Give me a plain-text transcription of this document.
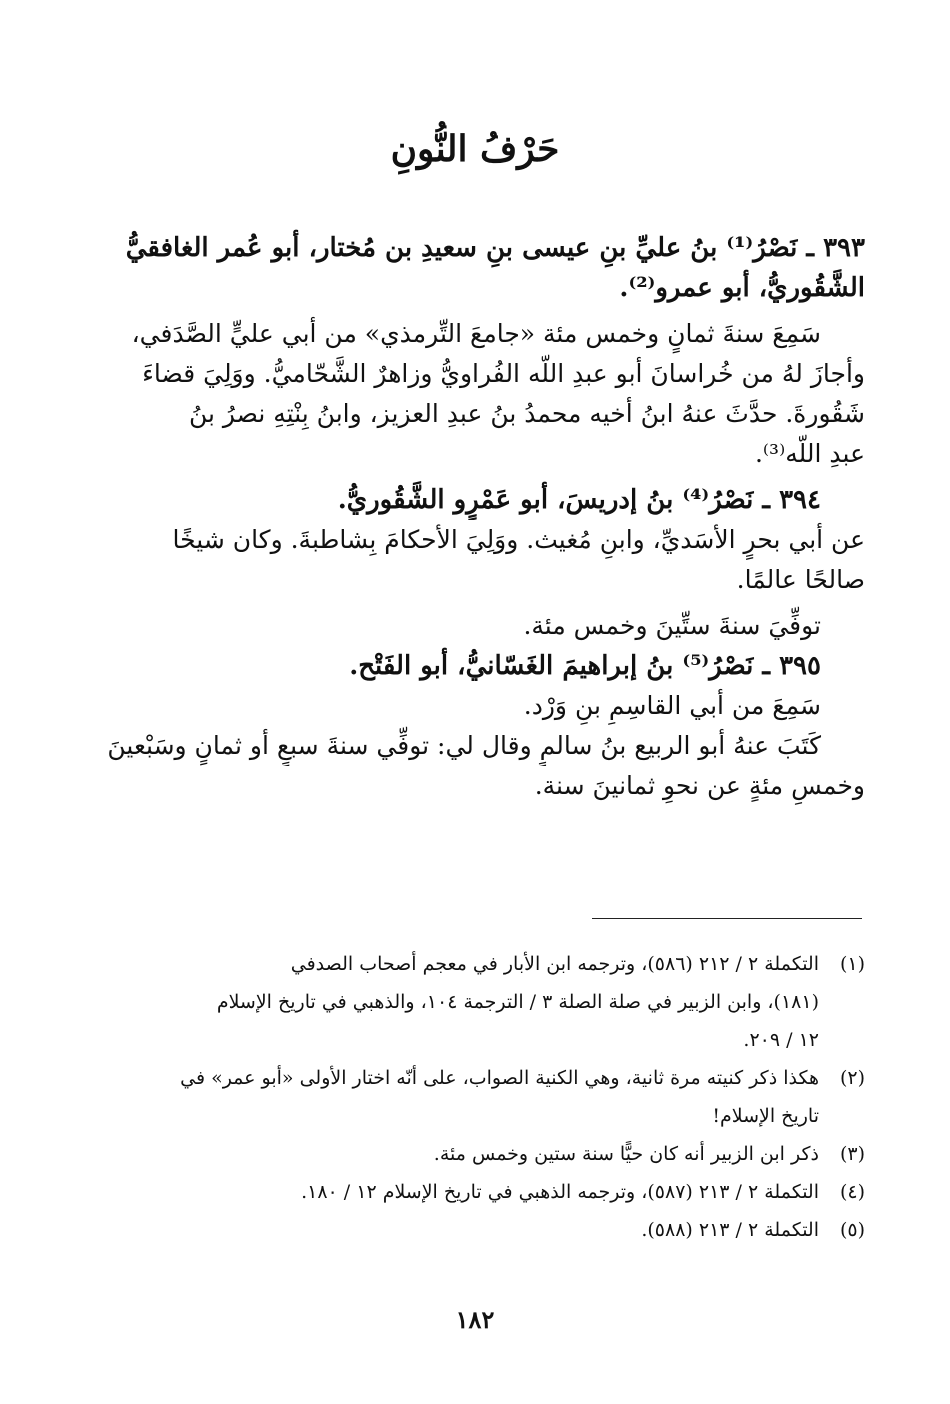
حَرْفُ النُّونِ
٣٩٣ ـ نَصْرُ⁽¹⁾ بنُ عليِّ بنِ عيسى بنِ سعيدِ بن مُختار، أبو عُمر الغافقيُّ
الشَّقُوريُّ، أبو عمرو⁽²⁾.
سَمِعَ سنةَ ثمانٍ وخمس مئة «جامعَ التِّرمذي» من أبي عليٍّ الصَّدَفي،
وأجازَ لهُ من خُراسانَ أبو عبدِ اللّه الفُراويُّ وزاهرٌ الشَّحّاميُّ. ووَلِيَ قضاءَ
شَقُورةَ. حدَّثَ عنهُ ابنُ أخيه محمدُ بنُ عبدِ العزيز، وابنُ بِنْتِهِ نصرُ بنُ
عبدِ اللّه⁽³⁾.
٣٩٤ ـ نَصْرُ⁽⁴⁾ بنُ إدريسَ، أبو عَمْرٍو الشَّقُوريُّ.
عن أبي بحرٍ الأسَديِّ، وابنِ مُغيث. ووَلِيَ الأحكامَ بِشاطبةَ. وكان شيخًا
صالحًا عالمًا.
توفِّيَ سنةَ ستِّينَ وخمس مئة.
٣٩٥ ـ نَصْرُ⁽⁵⁾ بنُ إبراهيمَ الغَسّانيُّ، أبو الفَتْح.
سَمِعَ من أبي القاسِمِ بنِ وَرْد.
كَتَبَ عنهُ أبو الربيع بنُ سالمٍ وقال لي: توفِّي سنةَ سبعٍ أو ثمانٍ وسَبْعينَ
وخمسِ مئةٍ عن نحوِ ثمانينَ سنة.
(١)
التكملة ٢ / ٢١٢ (٥٨٦)، وترجمه ابن الأبار في معجم أصحاب الصدفي
(١٨١)، وابن الزبير في صلة الصلة ٣ / الترجمة ١٠٤، والذهبي في تاريخ الإسلام
١٢ / ٢٠٩.
(٢)
هكذا ذكر كنيته مرة ثانية، وهي الكنية الصواب، على أنّه اختار الأولى «أبو عمر» في
تاريخ الإسلام!
(٣)
ذكر ابن الزبير أنه كان حيًّا سنة ستين وخمس مئة.
(٤)
التكملة ٢ / ٢١٣ (٥٨٧)، وترجمه الذهبي في تاريخ الإسلام ١٢ / ١٨٠.
(٥)
التكملة ٢ / ٢١٣ (٥٨٨).
١٨٢
